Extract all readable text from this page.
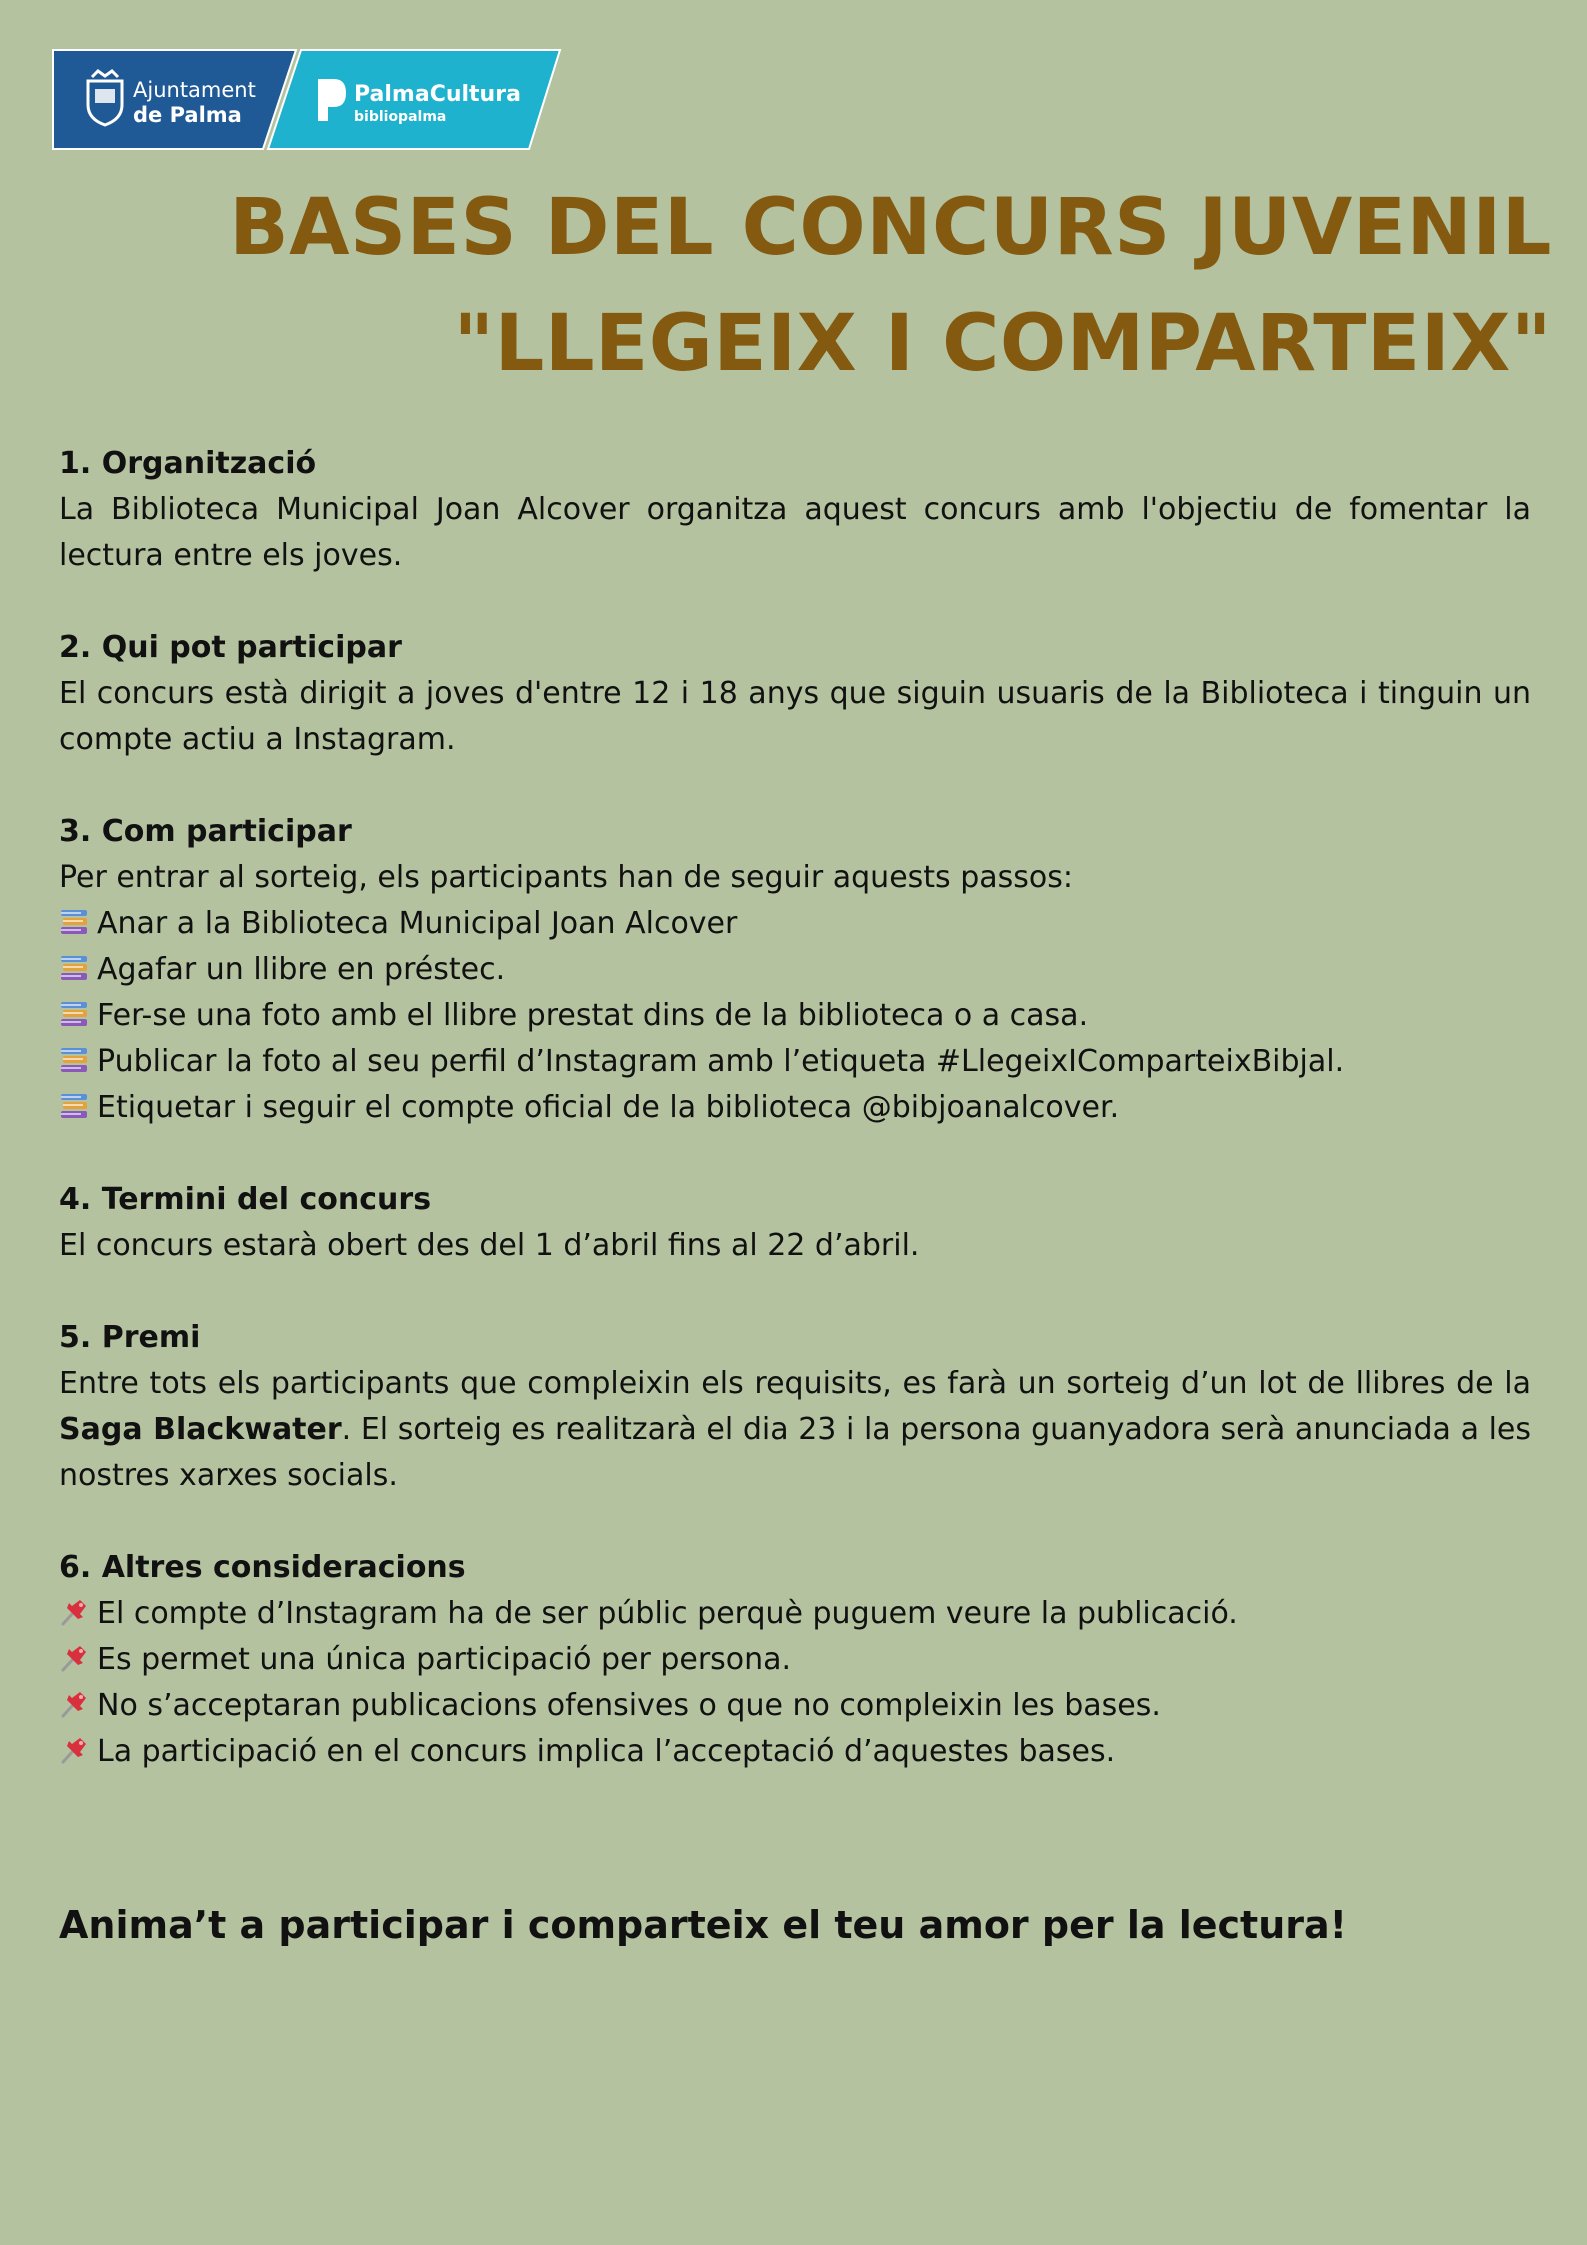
Ajuntament
de Palma
PalmaCultura
bibliopalma
BASES DEL CONCURS JUVENIL
"LLEGEIX I COMPARTEIX"
1. Organització
La Biblioteca Municipal Joan Alcover organitza aquest concurs amb l'objectiu de fomentar la lectura entre els joves.
2. Qui pot participar
El concurs està dirigit a joves d'entre 12 i 18 anys que siguin usuaris de la Biblioteca i tinguin un compte actiu a Instagram.
3. Com participar
Per entrar al sorteig, els participants han de seguir aquests passos:
Anar a la Biblioteca Municipal Joan Alcover
Agafar un llibre en préstec.
Fer-se una foto amb el llibre prestat dins de la biblioteca o a casa.
Publicar la foto al seu perfil d’Instagram amb l’etiqueta #LlegeixICompartеixBibjal.
Etiquetar i seguir el compte oficial de la biblioteca @bibjoanalcover.
4. Termini del concurs
El concurs estarà obert des del 1 d’abril fins al 22 d’abril.
5. Premi
Entre tots els participants que compleixin els requisits, es farà un sorteig d’un lot de llibres de la Saga Blackwater. El sorteig es realitzarà el dia 23 i la persona guanyadora serà anunciada a les nostres xarxes socials.
6. Altres consideracions
El compte d’Instagram ha de ser públic perquè puguem veure la publicació.
Es permet una única participació per persona.
No s’acceptaran publicacions ofensives o que no compleixin les bases.
La participació en el concurs implica l’acceptació d’aquestes bases.
Anima’t a participar i comparteix el teu amor per la lectura!
